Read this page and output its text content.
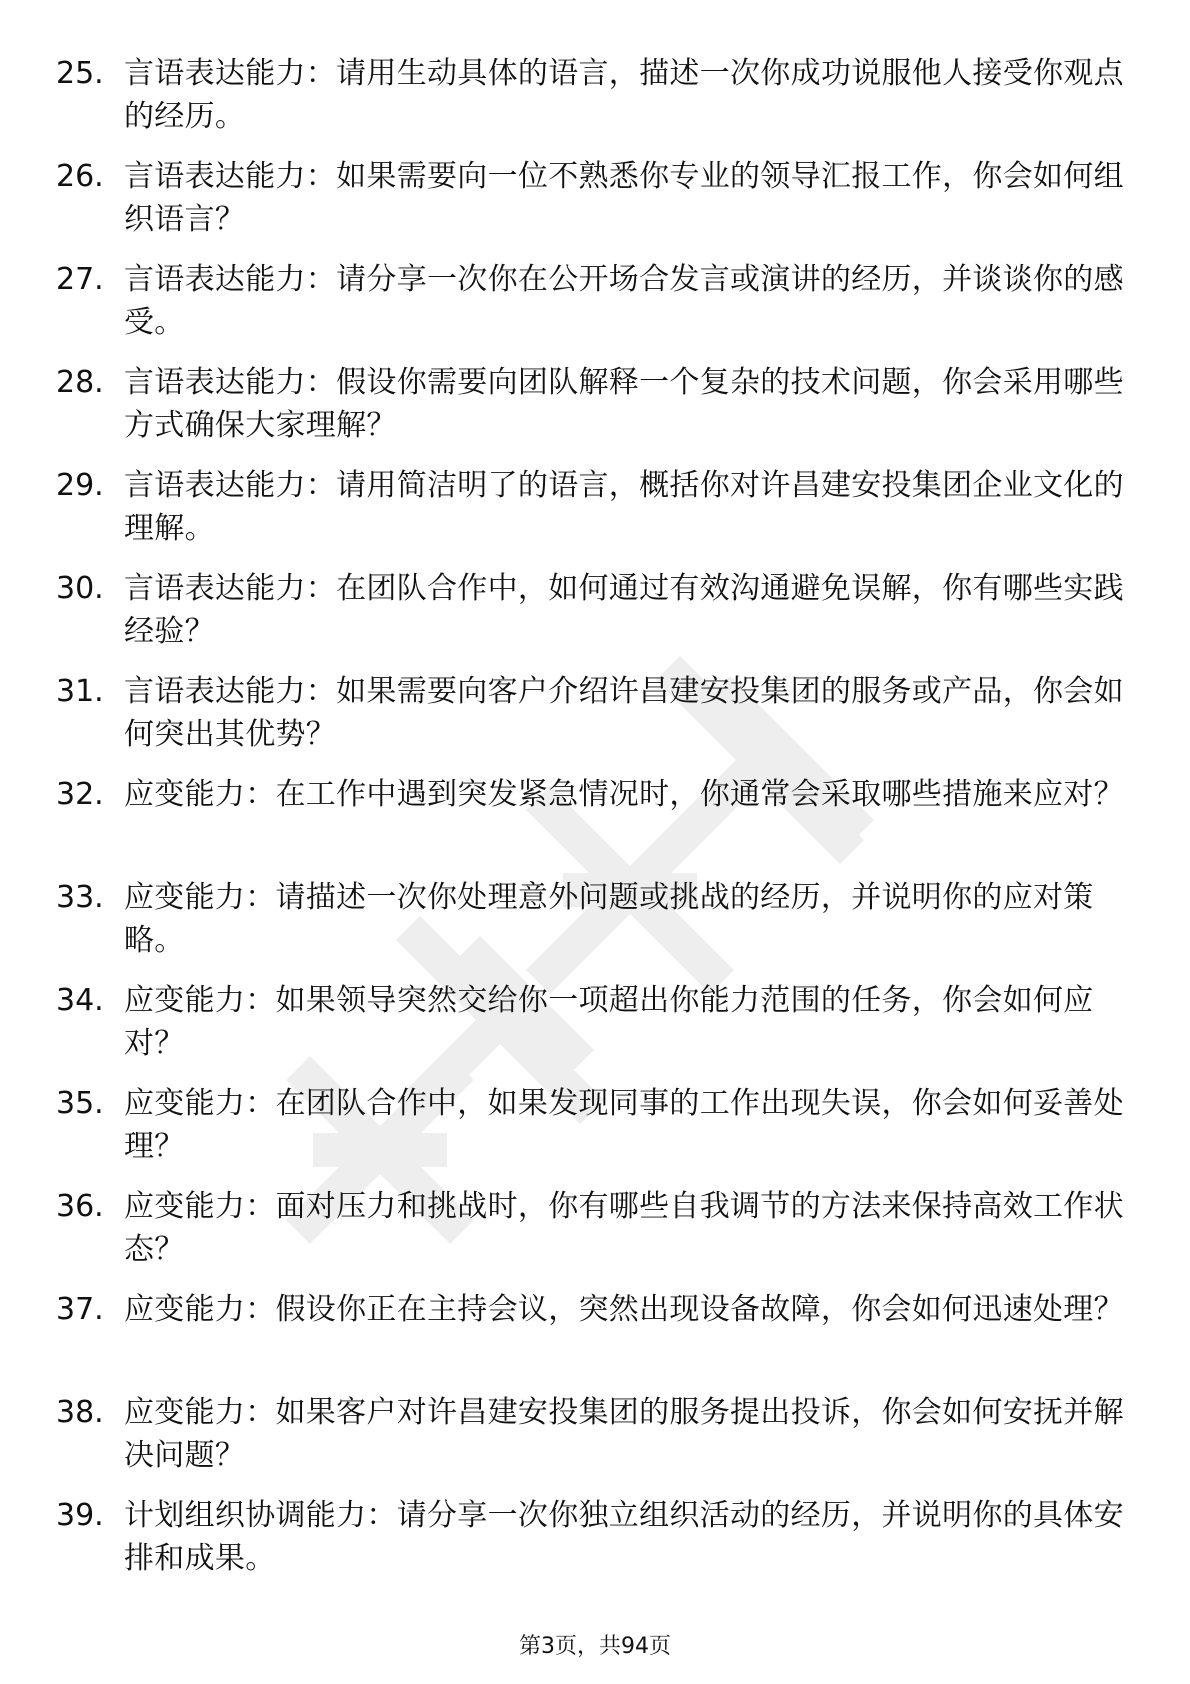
25. 言语表达能力：请用生动具体的语言，描述一次你成功说服他人接受你观点的经历。
26. 言语表达能力：如果需要向一位不熟悉你专业的领导汇报工作，你会如何组织语言？
27. 言语表达能力：请分享一次你在公开场合发言或演讲的经历，并谈谈你的感受。
28. 言语表达能力：假设你需要向团队解释一个复杂的技术问题，你会采用哪些方式确保大家理解？
29. 言语表达能力：请用简洁明了的语言，概括你对许昌建安投集团企业文化的理解。
30. 言语表达能力：在团队合作中，如何通过有效沟通避免误解，你有哪些实践经验？
31. 言语表达能力：如果需要向客户介绍许昌建安投集团的服务或产品，你会如何突出其优势？
32. 应变能力：在工作中遇到突发紧急情况时，你通常会采取哪些措施来应对？
33. 应变能力：请描述一次你处理意外问题或挑战的经历，并说明你的应对策略。
34. 应变能力：如果领导突然交给你一项超出你能力范围的任务，你会如何应对？
35. 应变能力：在团队合作中，如果发现同事的工作出现失误，你会如何妥善处理？
36. 应变能力：面对压力和挑战时，你有哪些自我调节的方法来保持高效工作状态？
37. 应变能力：假设你正在主持会议，突然出现设备故障，你会如何迅速处理？
38. 应变能力：如果客户对许昌建安投集团的服务提出投诉，你会如何安抚并解决问题？
39. 计划组织协调能力：请分享一次你独立组织活动的经历，并说明你的具体安排和成果。
第3页，共94页
